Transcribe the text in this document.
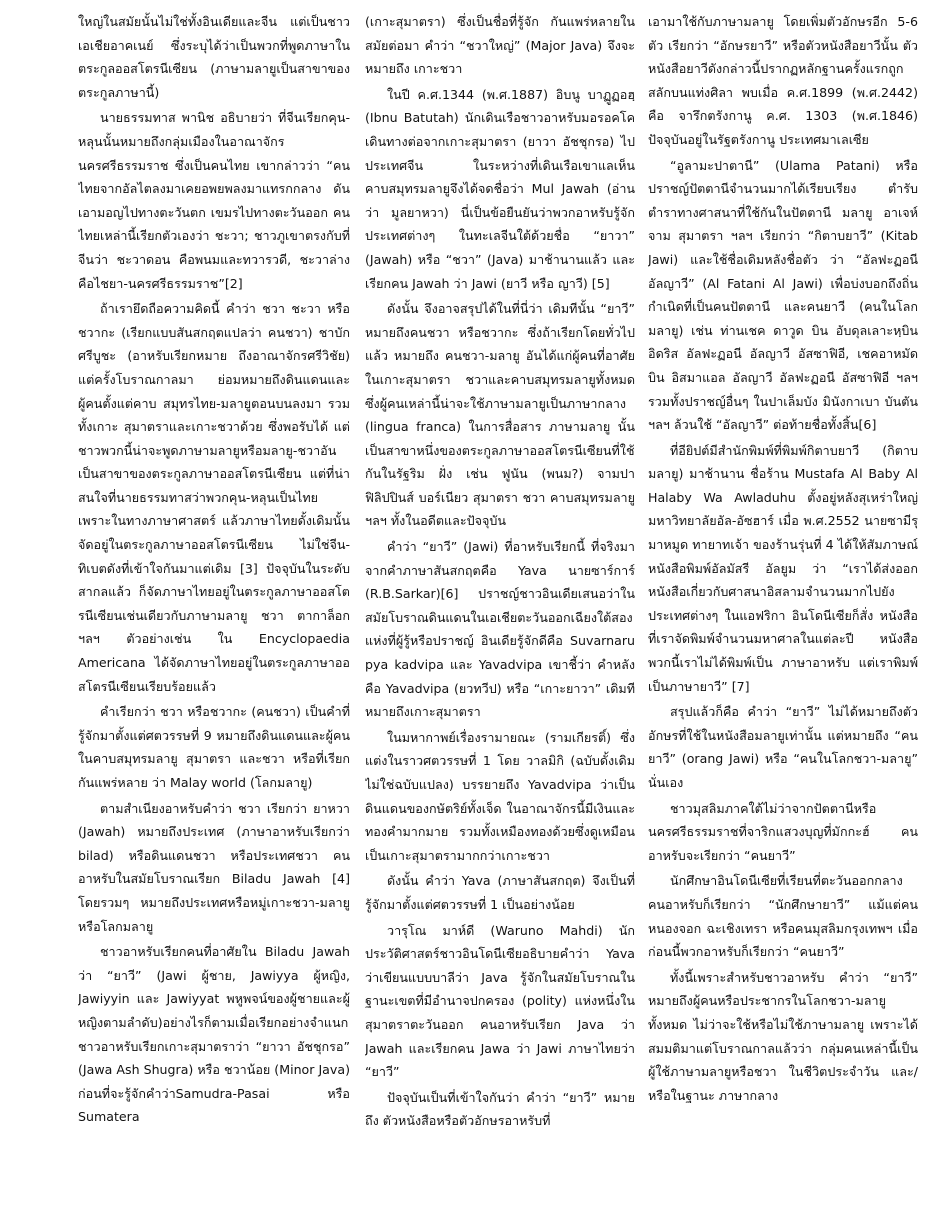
ใหญ่ในสมัยนั้นไม่ใช่ทั้งอินเดียและจีน แต่เป็นชาวเอเชียอาคเนย์ ซึ่งระบุได้ว่าเป็นพวกที่พูดภาษาในตระกูลออสโตรนีเซียน (ภาษามลายูเป็นสาขาของตระกูลภาษานี้)

นายธรรมทาส พานิช อธิบายว่า ที่จีนเรียกคุน-หลุนนั้นหมายถึงกลุ่มเมืองในอาณาจักรนครศรีธรรมราช ซึ่งเป็นคนไทย เขากล่าวว่า “คนไทยจากอัลไตลงมาเคยอพยพลงมาแทรกกลาง ดันเอามอญไปทางตะวันตก เขมรไปทางตะวันออก คนไทยเหล่านี้เรียกตัวเองว่า ชะวา; ชาวภูเขาตรงกับที่จีนว่า ชะวาดอน คือพนมและทวารวดี, ชะวาล่าง คือไชยา-นครศรีธรรมราช”[2]

ถ้าเรายึดถือความคิดนี้ คำว่า ชวา ชะวา หรือชวากะ (เรียกแบบสันสกฤตแปลว่า คนชวา) ชาบัก ศรีบูชะ (อาหรับเรียกหมาย ถึงอาณาจักรศรีวิชัย) แต่ครั้งโบราณกาลมา ย่อมหมายถึงดินแดนและผู้คนตั้งแต่คาบ สมุทรไทย-มลายูตอนบนลงมา รวมทั้งเกาะ สุมาตราและเกาะชวาด้วย ซึ่งพอรับได้ แต่ชาวพวกนี้น่าจะพูดภาษามลายูหรือมลายู-ชวาอันเป็นสาขาของตระกูลภาษาออสโตรนีเซียน แต่ที่น่าสนใจที่นายธรรมทาสว่าพวกคุน-หลุนเป็นไทย เพราะในทางภาษาศาสตร์ แล้วภาษาไทยดั้งเดิมนั้นจัดอยู่ในตระกูลภาษาออสโตรนีเซียน ไม่ใช่จีน-ทิเบตดังที่เข้าใจกันมาแต่เดิม [3] ปัจจุบันในระดับสากลแล้ว ก็จัดภาษาไทยอยู่ในตระกูลภาษาออสโตรนีเซียนเช่นเดียวกับภาษามลายู ชวา ตากาล็อก ฯลฯ ตัวอย่างเช่น ใน Encyclopaedia Americana ได้จัดภาษาไทยอยู่ในตระกูลภาษาออสโตรนีเซียนเรียบร้อยแล้ว

คำเรียกว่า ชวา หรือชวากะ (คนชวา) เป็นคำที่รู้จักมาตั้งแต่ศตวรรษที่ 9 หมายถึงดินแดนและผู้คนในคาบสมุทรมลายู สุมาตรา และชวา หรือที่เรียกกันแพร่หลาย ว่า Malay world (โลกมลายู)

ตามสำเนียงอาหรับคำว่า ชวา เรียกว่า ยาหวา (Jawah) หมายถึงประเทศ (ภาษาอาหรับเรียกว่า bilad) หรือดินแดนชวา หรือประเทศชวา คนอาหรับในสมัยโบราณเรียก Biladu Jawah [4] โดยรวมๆ หมายถึงประเทศหรือหมู่เกาะชวา-มลายูหรือโลกมลายู

ชาวอาหรับเรียกคนที่อาศัยใน Biladu Jawah ว่า “ยาวี” (Jawi ผู้ชาย, Jawiyya ผู้หญิง, Jawiyyin และ Jawiyyat พหูพจน์ของผู้ชายและผู้หญิงตามลำดับ)อย่างไรก็ตามเมื่อเรียกอย่างจำแนก ชาวอาหรับเรียกเกาะสุมาตราว่า “ยาวา อัชชุกรอ” (Jawa Ash Shugra) หรือ ชวาน้อย (Minor Java) ก่อนที่จะรู้จักคำว่าSamudra-Pasai หรือ Sumatera

(เกาะสุมาตรา) ซึ่งเป็นชื่อที่รู้จัก กันแพร่หลายในสมัยต่อมา คำว่า “ชวาใหญ่” (Major Java) จึงจะหมายถึง เกาะชวา

ในปี ค.ศ.1344 (พ.ศ.1887) อิบนู บาฏูฏอฮฺ (Ibnu Batutah) นักเดินเรือชาวอาหรับมอรอคโค เดินทางต่อจากเกาะสุมาตรา (ยาวา อัชชุกรอ) ไปประเทศจีน ในระหว่างที่เดินเรือเขาแลเห็นคาบสมุทรมลายูจึงได้จดชื่อว่า Mul Jawah (อ่านว่า มูลยาหวา) นี่เป็นข้อยืนยันว่าพวกอาหรับรู้จักประเทศต่างๆ ในทะเลจีนใต้ด้วยชื่อ “ยาวา” (Jawah) หรือ “ชวา” (Java) มาช้านานแล้ว และเรียกคน Jawah ว่า Jawi (ยาวี หรือ ญาวี) [5]

ดังนั้น จึงอาจสรุปได้ในที่นี่ว่า เดิมทีนั้น “ยาวี” หมายถึงคนชวา หรือชวากะ ซึ่งถ้าเรียกโดยทั่วไปแล้ว หมายถึง คนชวา-มลายู อันได้แก่ผู้คนที่อาศัยในเกาะสุมาตรา ชวาและคาบสมุทรมลายูทั้งหมด ซึ่งผู้คนเหล่านี้น่าจะใช้ภาษามลายูเป็นภาษากลาง (lingua franca) ในการสื่อสาร ภาษามลายู นั้นเป็นสาขาหนึ่งของตระกูลภาษาออสโตรนีเซียนที่ใช้กันในรัฐริม ฝั่ง เช่น ฟูนัน (พนม?) จามปา ฟิลิปปินส์ บอร์เนียว สุมาตรา ชวา คาบสมุทรมลายู ฯลฯ ทั้งในอดีตและปัจจุบัน

คำว่า “ยาวี” (Jawi) ที่อาหรับเรียกนี้ ที่จริงมาจากคำภาษาสันสกฤตคือ Yava นายซาร์การ์ (R.B.Sarkar)[6] ปราชญ์ชาวอินเดียเสนอว่าในสมัยโบราณดินแดนในเอเชียตะวันออกเฉียงใต้สองแห่งที่ผู้รู้หรือปราชญ์ อินเดียรู้จักดีคือ Suvarnaru pya kadvipa และ Yavadvipa เขาชี้ว่า คำหลังคือ Yavadvipa (ยวทวีป) หรือ “เกาะยาวา” เดิมทีหมายถึงเกาะสุมาตรา

ในมหากาพย์เรื่องรามายณะ (รามเกียรติ์) ซึ่งแต่งในราวศตวรรษที่ 1 โดย วาลมิกิ (ฉบับดั้งเดิมไม่ใช่ฉบับแปลง) บรรยายถึง Yavadvipa ว่าเป็นดินแดนของกษัตริย์ทั้งเจ็ด ในอาณาจักรนี้มีเงินและทองคำมากมาย รวมทั้งเหมืองทองด้วยซึ่งดูเหมือนเป็นเกาะสุมาตรามากกว่าเกาะชวา

ดังนั้น คำว่า Yava (ภาษาสันสกฤต) จึงเป็นที่รู้จักมาตั้งแต่ศตวรรษที่ 1 เป็นอย่างน้อย

วารุโณ มาห์ดี (Waruno Mahdi) นักประวัติศาสตร์ชาวอินโดนีเซียอธิบายคำว่า Yava ว่าเขียนแบบบาลีว่า Java รู้จักในสมัยโบราณในฐานะเขตที่มีอำนาจปกครอง (polity) แห่งหนึ่งในสุมาตราตะวันออก คนอาหรับเรียก Java ว่า Jawah และเรียกคน Jawa ว่า Jawi ภาษาไทยว่า “ยาวี”

ปัจจุบันเป็นที่เข้าใจกันว่า คำว่า “ยาวี” หมายถึง ตัวหนังสือหรือตัวอักษรอาหรับที่

เอามาใช้กับภาษามลายู โดยเพิ่มตัวอักษรอีก 5-6 ตัว เรียกว่า “อักษรยาวี” หรือตัวหนังสือยาวีนั้น ตัวหนังสือยาวีดังกล่าวนี้ปรากฏหลักฐานครั้งแรกถูกสลักบนแท่งศิลา พบเมื่อ ค.ศ.1899 (พ.ศ.2442) คือ จารึกตรังกานู ค.ศ. 1303 (พ.ศ.1846) ปัจจุบันอยู่ในรัฐตรังกานู ประเทศมาเลเซีย

“อูลามะปาตานี” (Ulama Patani) หรือปราชญ์ปัตตานีจำนวนมากได้เรียบเรียง ตำรับตำราทางศาสนาที่ใช้กันในปัตตานี มลายู อาเจห์ จาม สุมาตรา ฯลฯ เรียกว่า “กิตาบยาวี” (Kitab Jawi) และใช้ชื่อเดิมหลังชื่อตัว ว่า “อัลฟะฏอนี อัลญาวี” (Al Fatani Al Jawi) เพื่อบ่งบอกถึงถิ่นกำเนิดที่เป็นคนปัตตานี และคนยาวี (คนในโลกมลายู) เช่น ท่านเชค ดาวูด บิน อับดุลเลาะหฺบิน อิดริส อัลฟะฏอนี อัลญาวี อัสซาฟิอี, เชคอาหมัด บิน อิสมาแอล อัลญาวี อัลฟะฏอนี อัสซาฟิอี ฯลฯ รวมทั้งปราชญ์อื่นๆ ในปาเล็มบัง มินังกาเบา บันตัน ฯลฯ ล้วนใช้ “อัลญาวี” ต่อท้ายชื่อทั้งสิ้น[6]

ที่อียิปต์มีสำนักพิมพ์ที่พิมพ์กิตาบยาวี (กิตาบมลายู) มาช้านาน ชื่อร้าน Mustafa Al Baby Al Halaby Wa Awladuhu ตั้งอยู่หลังสุเหร่าใหญ่ มหาวิทยาลัยอัล-อัซฮาร์ เมื่อ พ.ศ.2552 นายซามีรุ มาหมูด ทายาทเจ้า ของร้านรุ่นที่ 4 ได้ให้สัมภาษณ์หนังสือพิมพ์อัลมัสรี อัลยูม ว่า “เราได้ส่งออกหนังสือเกี่ยวกับศาสนาอิสลามจำนวนมากไปยังประเทศต่างๆ ในแอฟริกา อินโดนีเซียก็สั่ง หนังสือที่เราจัดพิมพ์จำนวนมหาศาลในแต่ละปี หนังสือพวกนี้เราไม่ได้พิมพ์เป็น ภาษาอาหรับ แต่เราพิมพ์เป็นภาษายาวี” [7]

สรุปแล้วก็คือ คำว่า “ยาวี” ไม่ได้หมายถึงตัวอักษรที่ใช้ในหนังสือมลายูเท่านั้น แต่หมายถึง “คนยาวี” (orang Jawi) หรือ “คนในโลกชวา-มลายู” นั่นเอง

ชาวมุสลิมภาคใต้ไม่ว่าจากปัตตานีหรือนครศรีธรรมราชที่จาริกแสวงบุญที่มักกะฮ์ คนอาหรับจะเรียกว่า “คนยาวี”

นักศึกษาอินโดนีเซียที่เรียนที่ตะวันออกกลาง คนอาหรับก็เรียกว่า “นักศึกษายาวี” แม้แต่คนหนองจอก ฉะเชิงเทรา หรือคนมุสลิมกรุงเทพฯ เมื่อก่อนนี้พวกอาหรับก็เรียกว่า “คนยาวี”

ทั้งนี้เพราะสำหรับชาวอาหรับ คำว่า “ยาวี” หมายถึงผู้คนหรือประชากรในโลกชวา-มลายูทั้งหมด ไม่ว่าจะใช้หรือไม่ใช้ภาษามลายู เพราะได้สมมติมาแต่โบราณกาลแล้วว่า กลุ่มคนเหล่านี้เป็นผู้ใช้ภาษามลายูหรือชวา ในชีวิตประจำวัน และ/หรือในฐานะ ภาษากลาง
